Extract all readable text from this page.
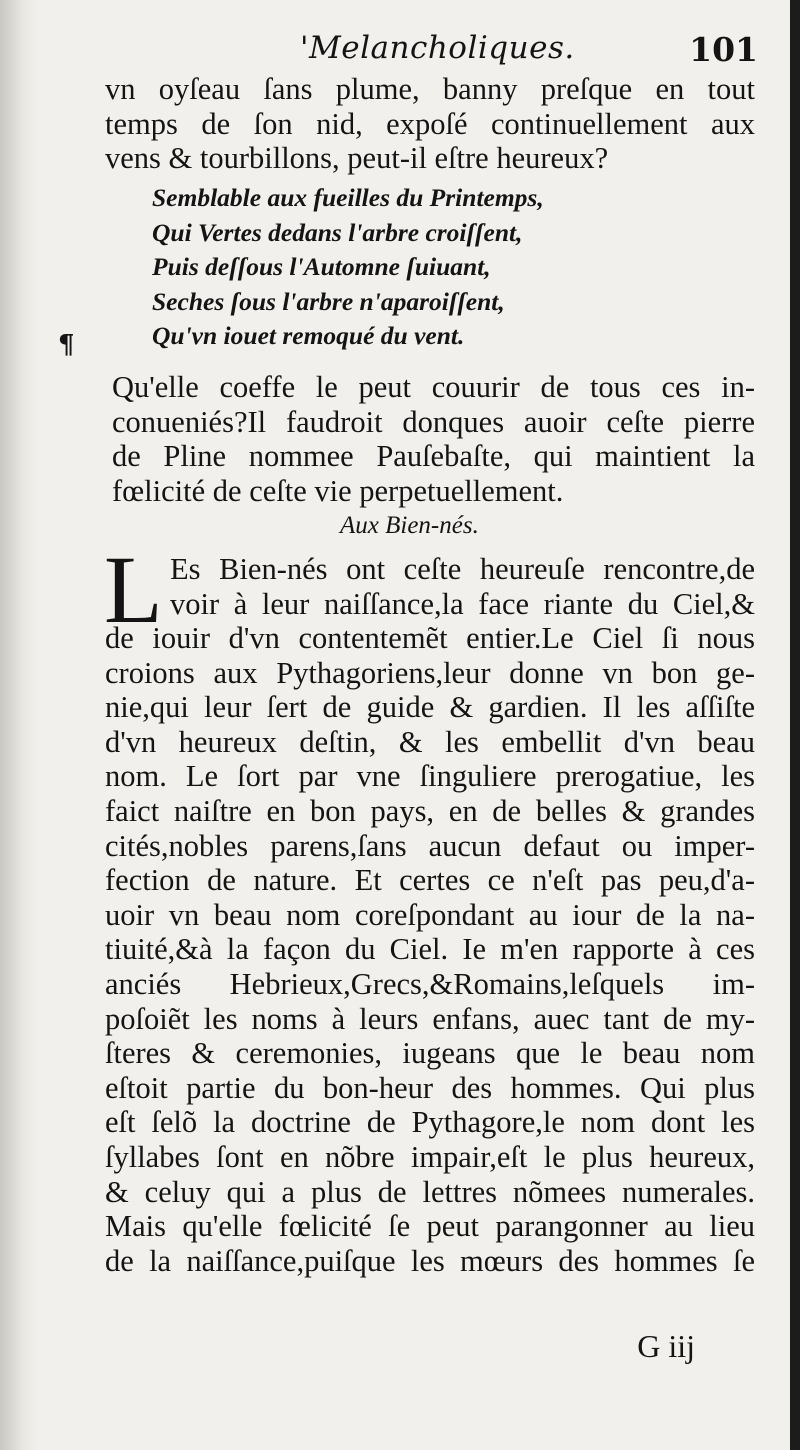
'Melancholiques.	101
vn oyſeau ſans plume, banny preſque en tout
temps de ſon nid, expoſé continuellement aux
vens & tourbillons, peut-il eſtre heureux?
Semblable aux fueilles du Printemps,
Qui Vertes dedans l'arbre croiſſent,
Puis deſſous l'Automne ſuiuant,
Seches ſous l'arbre n'aparoiſſent,
Qu'vn iouet remoqué du vent.
¶
Qu'elle coeffe le peut couurir de tous ces in-
conueniés?Il faudroit donques auoir ceſte pierre
de Pline nommee Pauſebaſte, qui maintient la
fœlicité de ceſte vie perpetuellement.
Aux Bien-nés.
L Es Bien-nés ont ceſte heureuſe rencontre,de
voir à leur naiſſance,la face riante du Ciel,&
de iouir d'vn contentemẽt entier.Le Ciel ſi nous
croions aux Pythagoriens,leur donne vn bon ge-
nie,qui leur ſert de guide & gardien. Il les aſſiſte
d'vn heureux deſtin, & les embellit d'vn beau
nom. Le ſort par vne ſinguliere prerogatiue, les
faict naiſtre en bon pays, en de belles & grandes
cités,nobles parens,ſans aucun defaut ou imper-
fection de nature. Et certes ce n'eſt pas peu,d'a-
uoir vn beau nom coreſpondant au iour de la na-
tiuité,&à la façon du Ciel. Ie m'en rapporte à ces
anciés Hebrieux,Grecs,&Romains,leſquels im-
poſoiẽt les noms à leurs enfans, auec tant de my-
ſteres & ceremonies, iugeans que le beau nom
eſtoit partie du bon-heur des hommes. Qui plus
eſt ſelõ la doctrine de Pythagore,le nom dont les
ſyllabes ſont en nõbre impair,eſt le plus heureux,
& celuy qui a plus de lettres nõmees numerales.
Mais qu'elle fœlicité ſe peut parangonner au lieu
de la naiſſance,puiſque les mœurs des hommes ſe
G iij
